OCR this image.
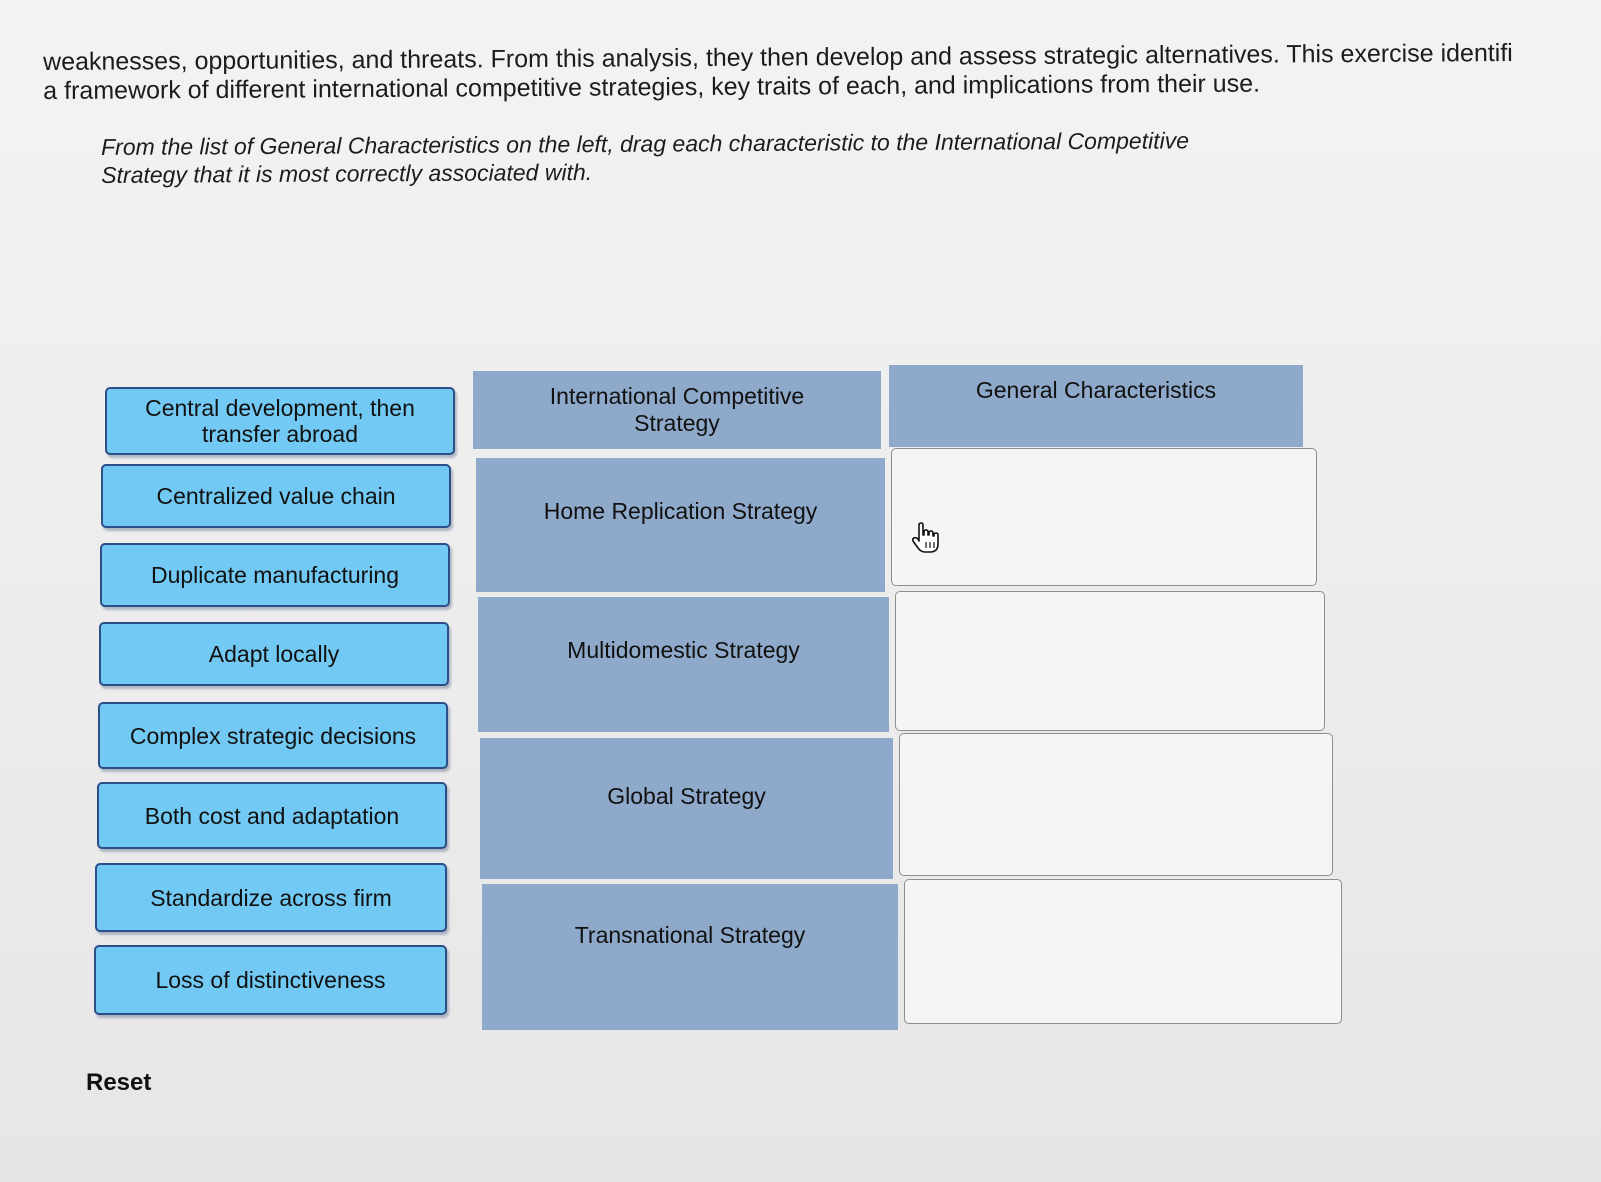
weaknesses, opportunities, and threats. From this analysis, they then develop and assess strategic alternatives. This exercise identifi
a framework of different international competitive strategies, key traits of each, and implications from their use.
From the list of General Characteristics on the left, drag each characteristic to the International Competitive
Strategy that it is most correctly associated with.
Central development, then
transfer abroad
Centralized value chain
Duplicate manufacturing
Adapt locally
Complex strategic decisions
Both cost and adaptation
Standardize across firm
Loss of distinctiveness
International Competitive
Strategy
General Characteristics
Home Replication Strategy
Multidomestic Strategy
Global Strategy
Transnational Strategy
Reset
